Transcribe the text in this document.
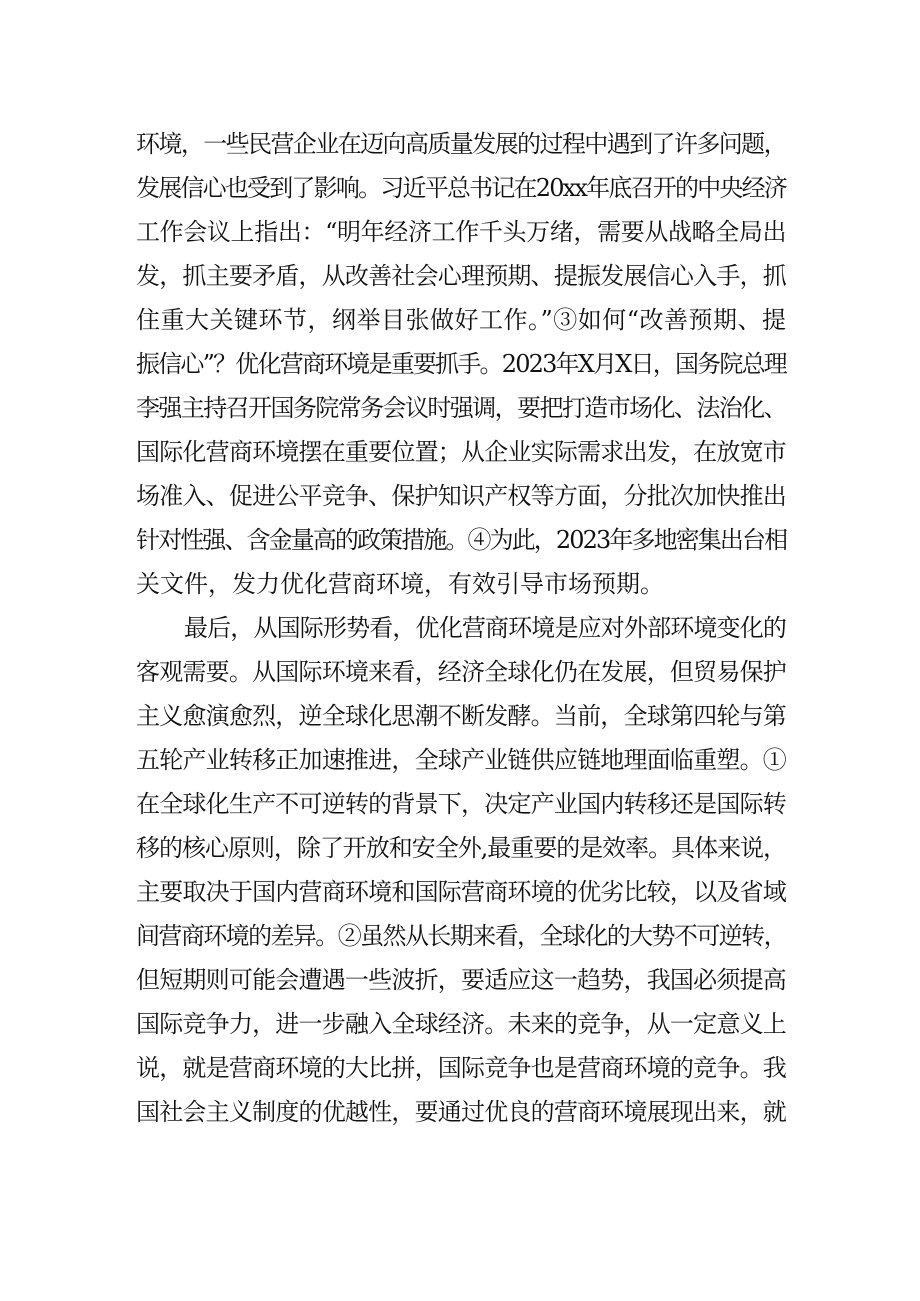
环境，一些民营企业在迈向高质量发展的过程中遇到了许多问题，
发展信心也受到了影响。习近平总书记在20xx年底召开的中央经济
工作会议上指出：“明年经济工作千头万绪，需要从战略全局出
发，抓主要矛盾，从改善社会心理预期、提振发展信心入手，抓
住重大关键环节，纲举目张做好工作。”③如何“改善预期、提
振信心”？优化营商环境是重要抓手。2023年X月X日，国务院总理
李强主持召开国务院常务会议时强调，要把打造市场化、法治化、
国际化营商环境摆在重要位置；从企业实际需求出发，在放宽市
场准入、促进公平竞争、保护知识产权等方面，分批次加快推出
针对性强、含金量高的政策措施。④为此，2023年多地密集出台相
关文件，发力优化营商环境，有效引导市场预期。
最后，从国际形势看，优化营商环境是应对外部环境变化的
客观需要。从国际环境来看，经济全球化仍在发展，但贸易保护
主义愈演愈烈，逆全球化思潮不断发酵。当前，全球第四轮与第
五轮产业转移正加速推进，全球产业链供应链地理面临重塑。①
在全球化生产不可逆转的背景下，决定产业国内转移还是国际转
移的核心原则，除了开放和安全外,最重要的是效率。具体来说，
主要取决于国内营商环境和国际营商环境的优劣比较，以及省域
间营商环境的差异。②虽然从长期来看，全球化的大势不可逆转，
但短期则可能会遭遇一些波折，要适应这一趋势，我国必须提高
国际竞争力，进一步融入全球经济。未来的竞争，从一定意义上
说，就是营商环境的大比拼，国际竞争也是营商环境的竞争。我
国社会主义制度的优越性，要通过优良的营商环境展现出来，就
